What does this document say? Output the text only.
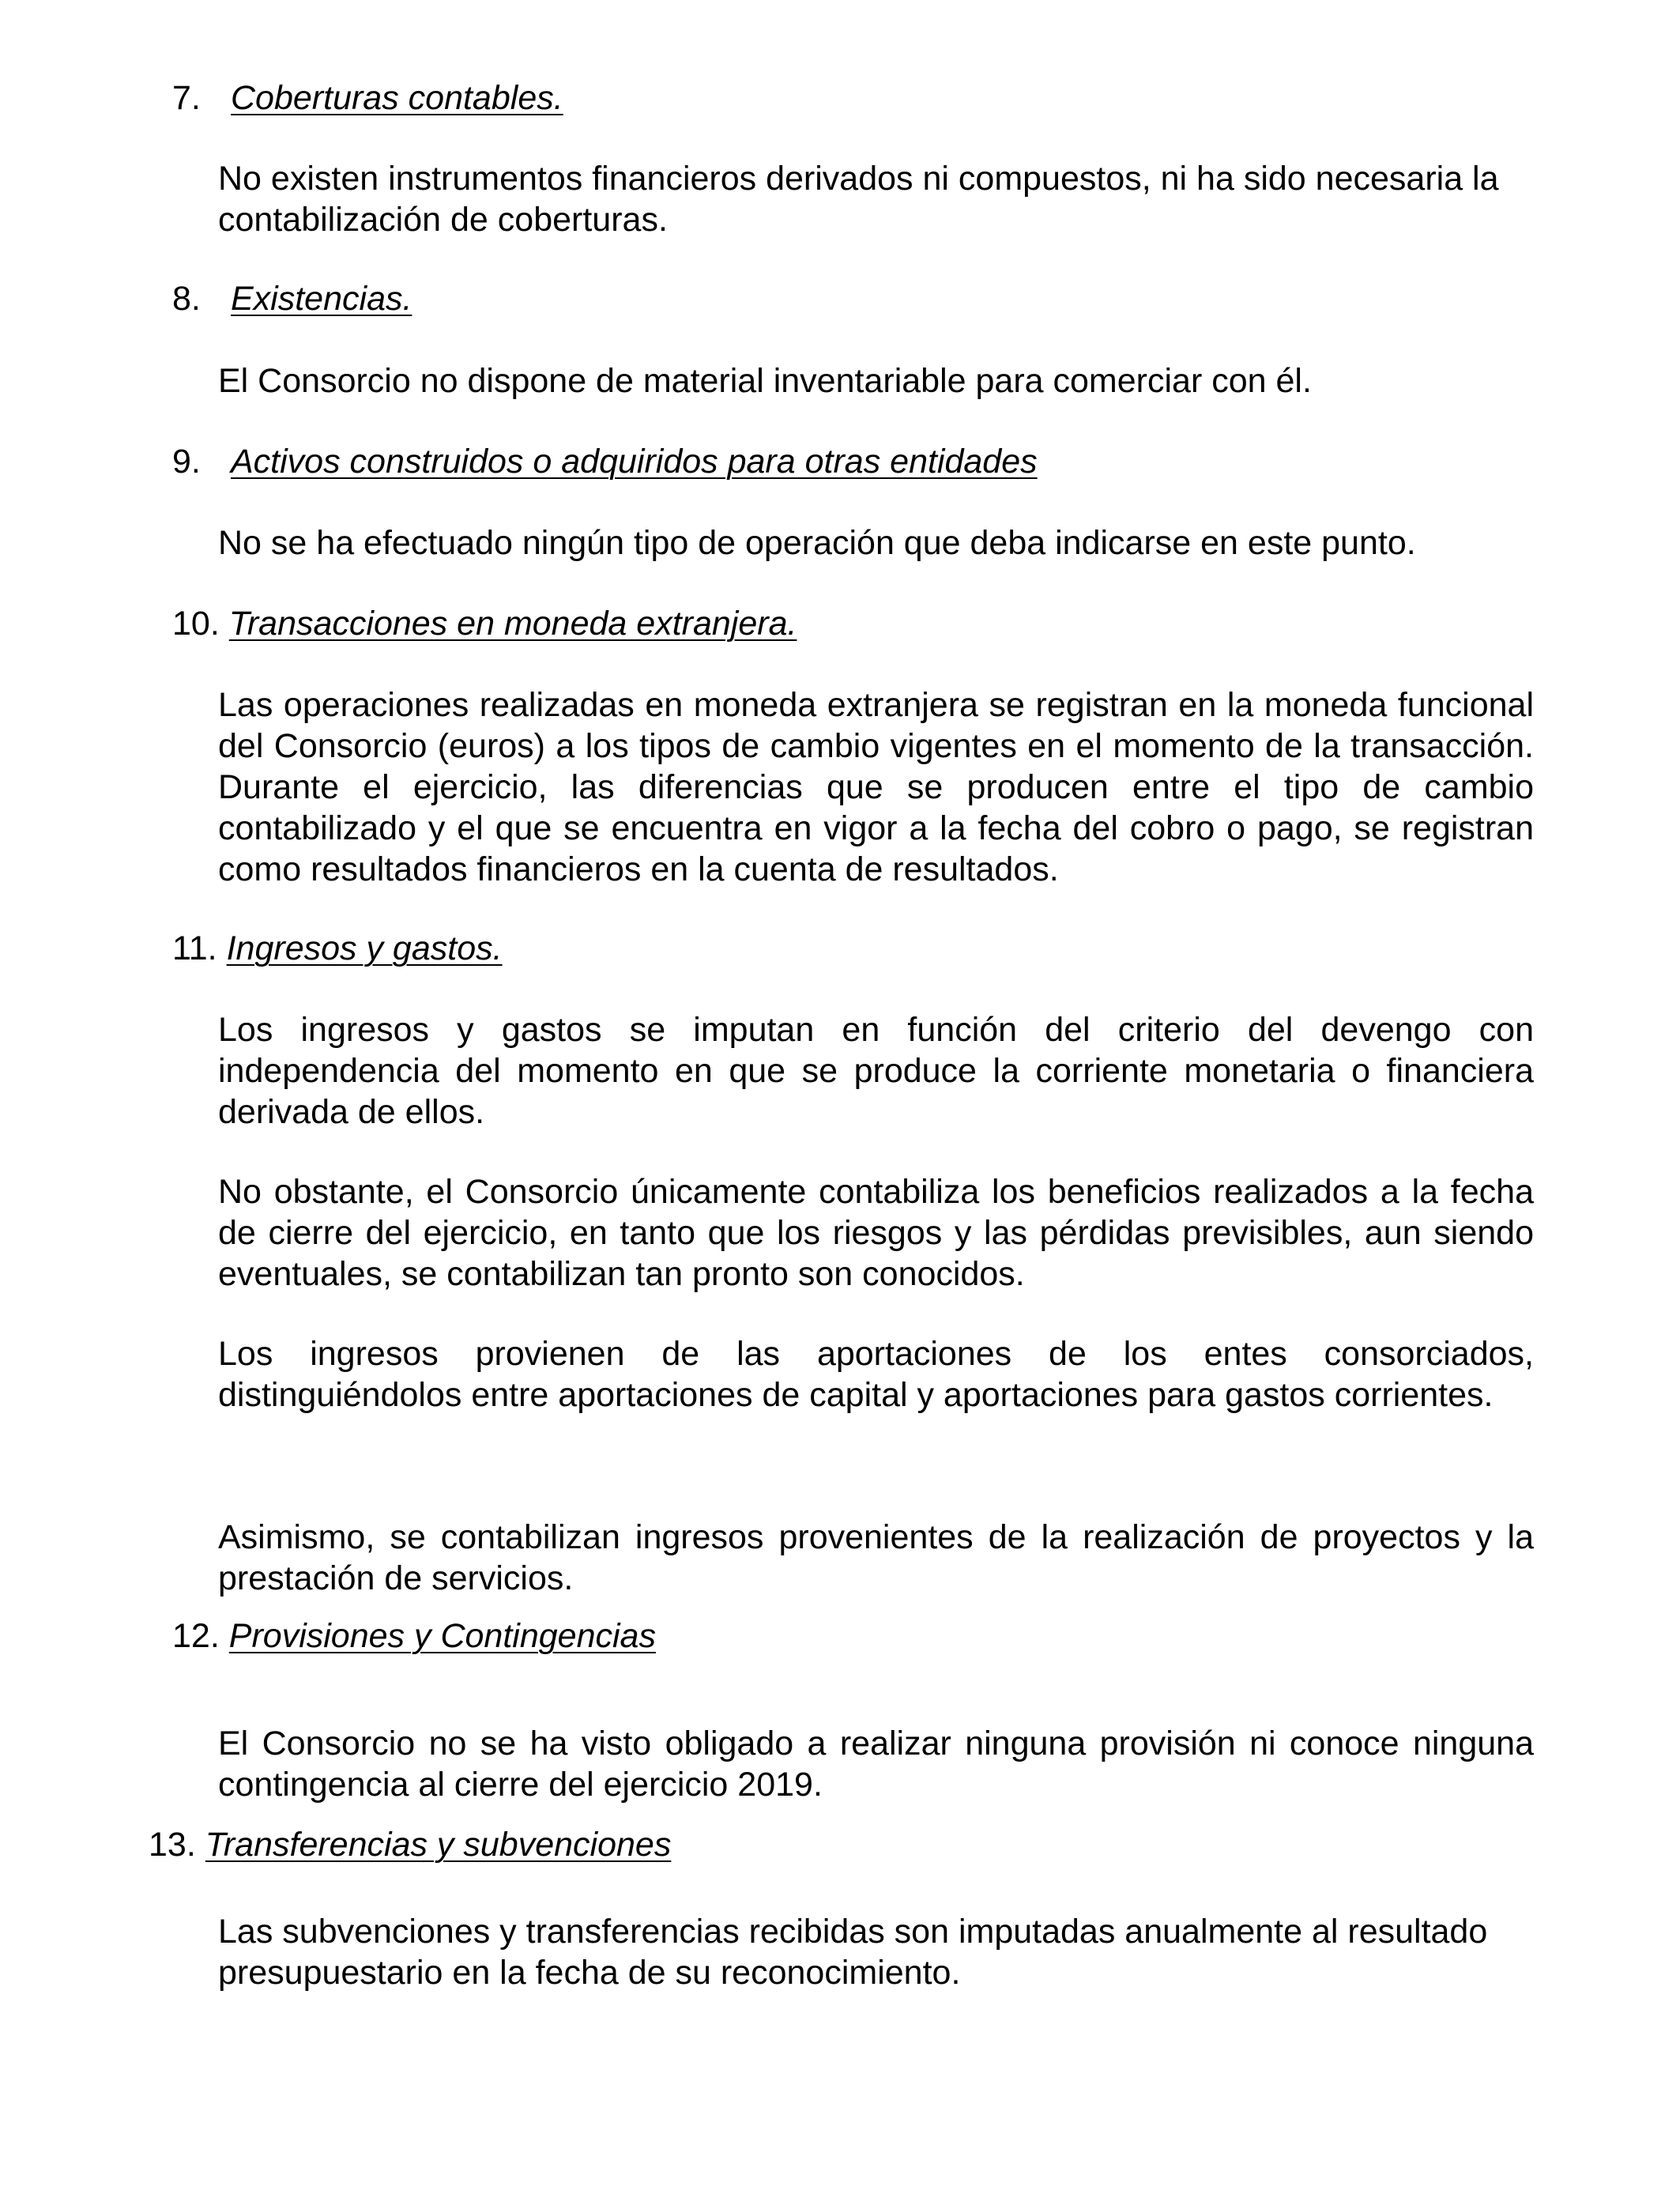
7. Coberturas contables.

No existen instrumentos financieros derivados ni compuestos, ni ha sido necesaria la contabilización de coberturas.

8. Existencias.

El Consorcio no dispone de material inventariable para comerciar con él.

9. Activos construidos o adquiridos para otras entidades

No se ha efectuado ningún tipo de operación que deba indicarse en este punto.

10. Transacciones en moneda extranjera.

Las operaciones realizadas en moneda extranjera se registran en la moneda funcional del Consorcio (euros) a los tipos de cambio vigentes en el momento de la transacción. Durante el ejercicio, las diferencias que se producen entre el tipo de cambio contabilizado y el que se encuentra en vigor a la fecha del cobro o pago, se registran como resultados financieros en la cuenta de resultados.

11. Ingresos y gastos.

Los ingresos y gastos se imputan en función del criterio del devengo con independencia del momento en que se produce la corriente monetaria o financiera derivada de ellos.

No obstante, el Consorcio únicamente contabiliza los beneficios realizados a la fecha de cierre del ejercicio, en tanto que los riesgos y las pérdidas previsibles, aun siendo eventuales, se contabilizan tan pronto son conocidos.

Los ingresos provienen de las aportaciones de los entes consorciados, distinguiéndolos entre aportaciones de capital y aportaciones para gastos corrientes.

Asimismo, se contabilizan ingresos provenientes de la realización de proyectos y la prestación de servicios.

12. Provisiones y Contingencias

El Consorcio no se ha visto obligado a realizar ninguna provisión ni conoce ninguna contingencia al cierre del ejercicio 2019.

13. Transferencias y subvenciones

Las subvenciones y transferencias recibidas son imputadas anualmente al resultado presupuestario en la fecha de su reconocimiento.
